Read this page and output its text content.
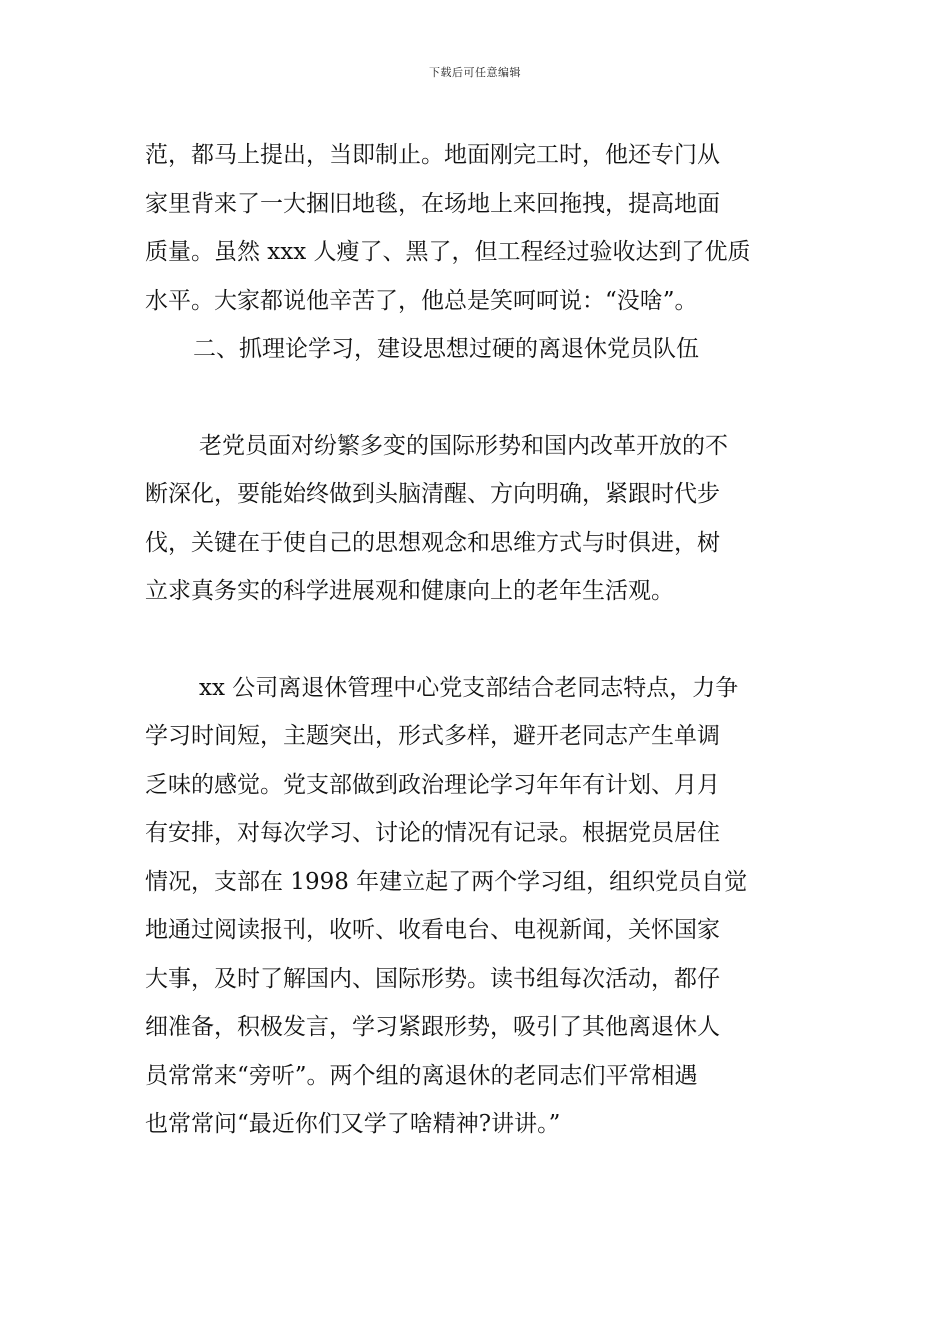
下载后可任意编辑

范，都马上提出，当即制止。地面刚完工时，他还专门从
家里背来了一大捆旧地毯，在场地上来回拖拽，提高地面
质量。虽然 xxx 人瘦了、黑了，但工程经过验收达到了优质
水平。大家都说他辛苦了，他总是笑呵呵说：“没啥”。

二、抓理论学习，建设思想过硬的离退休党员队伍

老党员面对纷繁多变的国际形势和国内改革开放的不
断深化，要能始终做到头脑清醒、方向明确，紧跟时代步
伐，关键在于使自己的思想观念和思维方式与时俱进，树
立求真务实的科学进展观和健康向上的老年生活观。

xx 公司离退休管理中心党支部结合老同志特点，力争
学习时间短，主题突出，形式多样，避开老同志产生单调
乏味的感觉。党支部做到政治理论学习年年有计划、月月
有安排，对每次学习、讨论的情况有记录。根据党员居住
情况，支部在 1998 年建立起了两个学习组，组织党员自觉
地通过阅读报刊，收听、收看电台、电视新闻，关怀国家
大事，及时了解国内、国际形势。读书组每次活动，都仔
细准备，积极发言，学习紧跟形势，吸引了其他离退休人
员常常来“旁听”。两个组的离退休的老同志们平常相遇
也常常问“最近你们又学了啥精神?讲讲。”
